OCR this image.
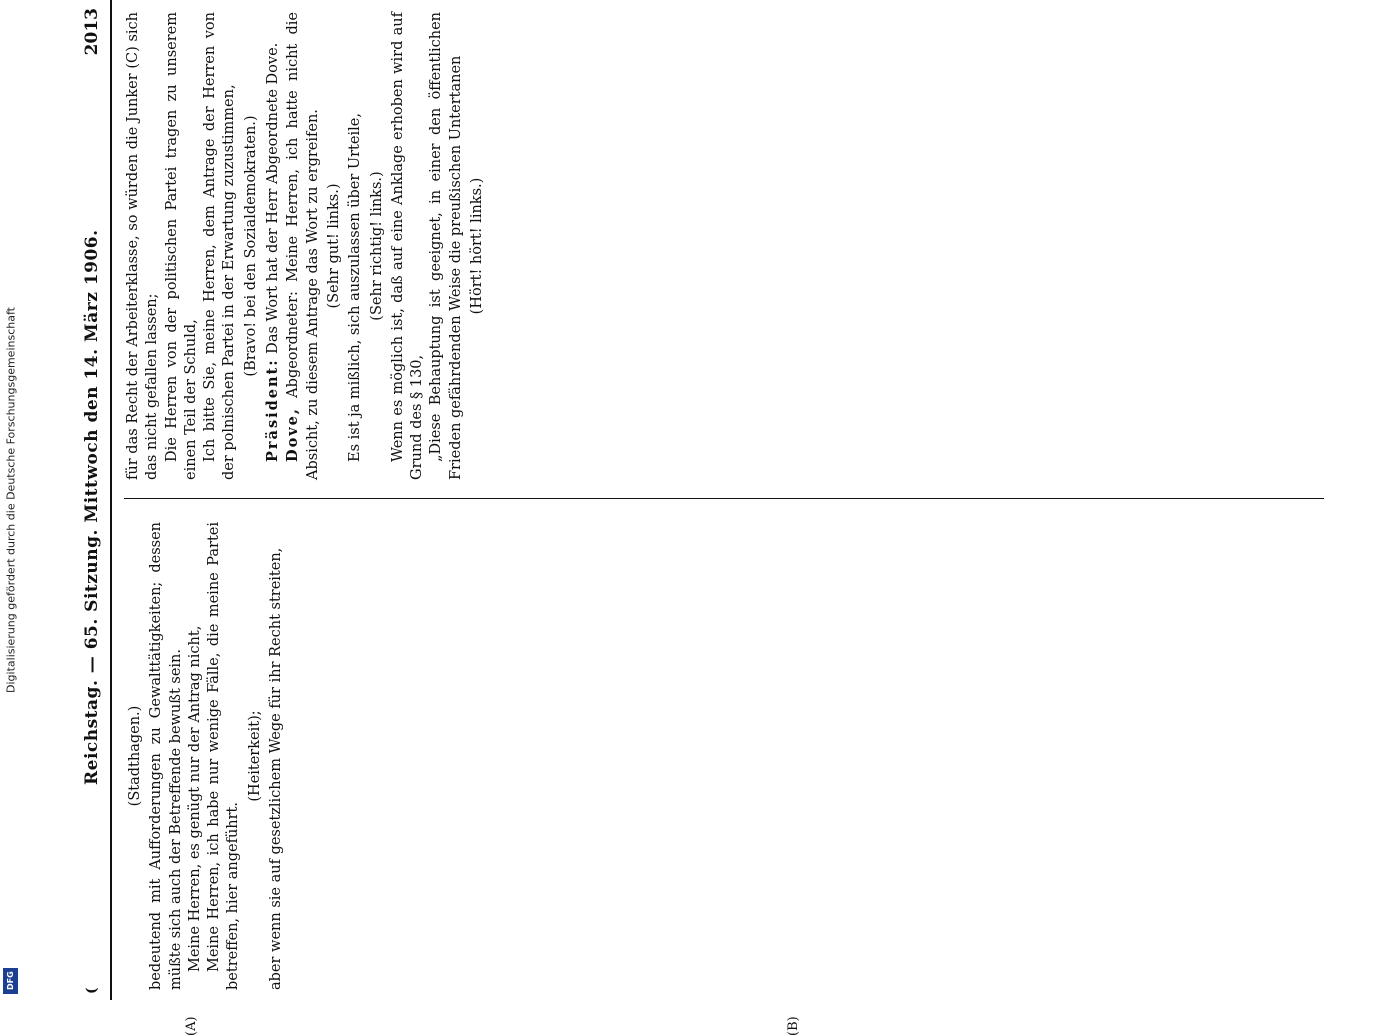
Digitalisierung gefördert durch die Deutsche Forschungsgemeinschaft
DFG
(
Reichstag. — 65. Sitzung. Mittwoch den 14. März 1906.
2013
(A)	(B)

(Stadthagen.) bedeutend mit Aufforderungen zu Gewalttätigkeiten; dessen müßte sich auch der Betreffende bewußt sein. Meine Herren, es genügt nur der Antrag nicht, Meine Herren, ich habe nur wenige Fälle, die meine Partei betreffen, hier angeführt.

(Heiterkeit); aber wenn sie auf gesetzlichem Wege für ihr Recht streiten,

für das Recht der Arbeiterklasse, so würden die Junker (C) sich das nicht gefallen lassen; Die Herren von der politischen Partei tragen zu unserem einen Teil der Schuld, Ich bitte Sie, meine Herren, dem Antrage der Herren von der polnischen Partei in der Erwartung zuzustimmen, (Bravo! bei den Sozialdemokraten.)

Präsident: Das Wort hat der Herr Abgeordnete Dove.

Dove, Abgeordneter: Meine Herren, ich hatte nicht die Absicht, zu diesem Antrage das Wort zu ergreifen. (Sehr gut! links.) Es ist ja mißlich, sich auszulassen über Urteile, (Sehr richtig! links.) Wenn es möglich ist, daß auf eine Anklage erhoben wird auf Grund des § 130, „Diese Behauptung ist geeignet, in einer den öffentlichen Frieden gefährdenden Weise die preußischen Untertanen (Hört! hört! links.)
